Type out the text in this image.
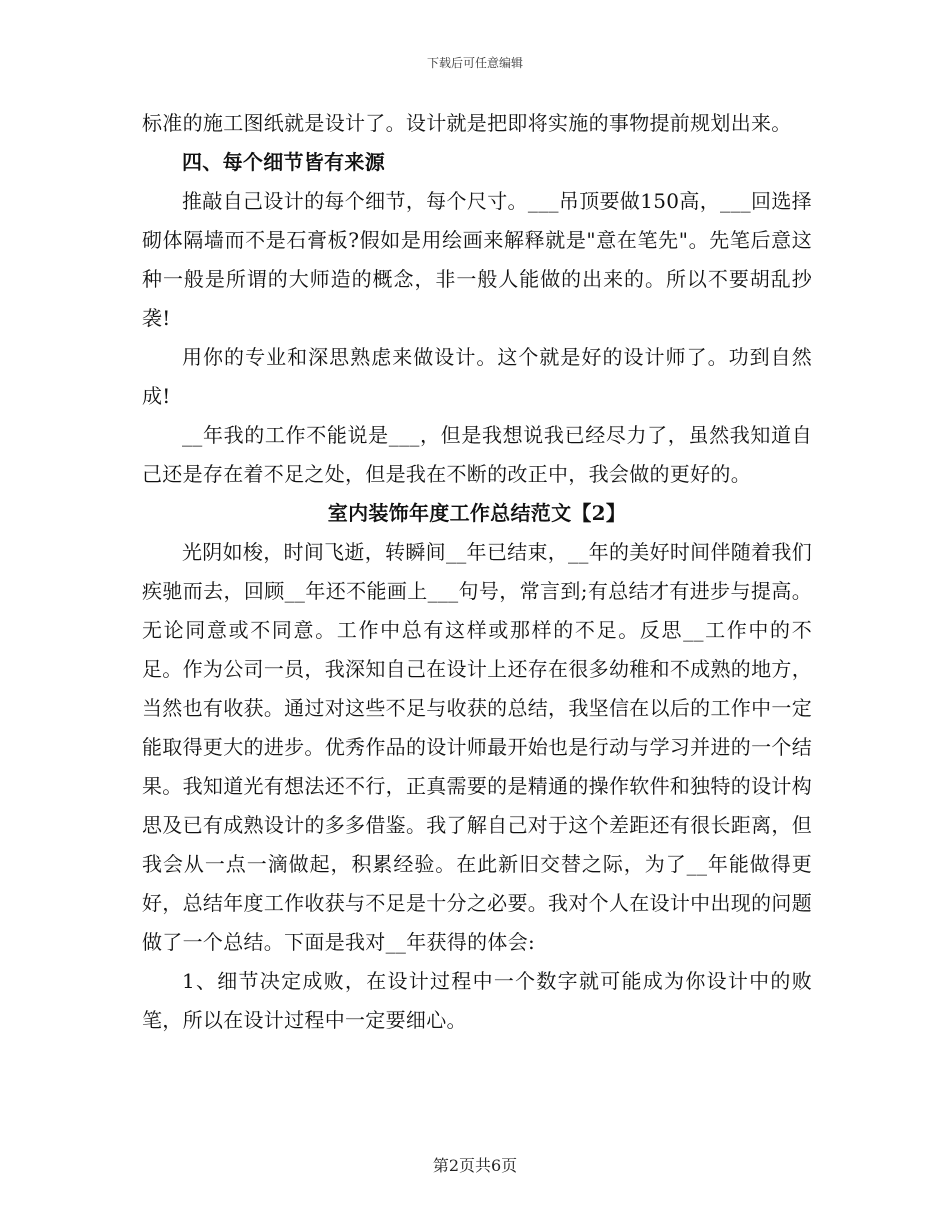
下载后可任意编辑

标准的施工图纸就是设计了。设计就是把即将实施的事物提前规划出来。

四、每个细节皆有来源

推敲自己设计的每个细节，每个尺寸。___吊顶要做150高，___回选择砌体隔墙而不是石膏板?假如是用绘画来解释就是"意在笔先"。先笔后意这种一般是所谓的大师造的概念，非一般人能做的出来的。所以不要胡乱抄袭!

用你的专业和深思熟虑来做设计。这个就是好的设计师了。功到自然成!

__年我的工作不能说是___，但是我想说我已经尽力了，虽然我知道自己还是存在着不足之处，但是我在不断的改正中，我会做的更好的。

室内装饰年度工作总结范文【2】

光阴如梭，时间飞逝，转瞬间__年已结束，__年的美好时间伴随着我们疾驰而去，回顾__年还不能画上___句号，常言到;有总结才有进步与提高。无论同意或不同意。工作中总有这样或那样的不足。反思__工作中的不足。作为公司一员，我深知自己在设计上还存在很多幼稚和不成熟的地方，当然也有收获。通过对这些不足与收获的总结，我坚信在以后的工作中一定能取得更大的进步。优秀作品的设计师最开始也是行动与学习并进的一个结果。我知道光有想法还不行，正真需要的是精通的操作软件和独特的设计构思及已有成熟设计的多多借鉴。我了解自己对于这个差距还有很长距离，但我会从一点一滴做起，积累经验。在此新旧交替之际，为了__年能做得更好，总结年度工作收获与不足是十分之必要。我对个人在设计中出现的问题做了一个总结。下面是我对__年获得的体会:

1、细节决定成败，在设计过程中一个数字就可能成为你设计中的败笔，所以在设计过程中一定要细心。

第2页共6页
